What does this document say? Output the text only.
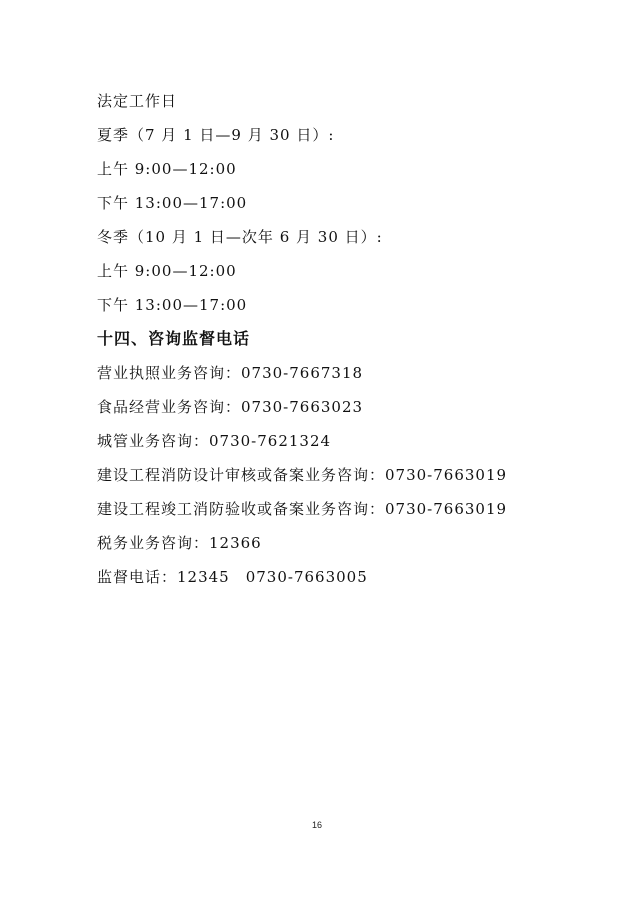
法定工作日
夏季（7 月 1 日—9 月 30 日）:
上午 9:00—12:00
下午 13:00—17:00
冬季（10 月 1 日—次年 6 月 30 日）:
上午 9:00—12:00
下午 13:00—17:00
十四、咨询监督电话
营业执照业务咨询：0730-7667318
食品经营业务咨询：0730-7663023
城管业务咨询：0730-7621324
建设工程消防设计审核或备案业务咨询：0730-7663019
建设工程竣工消防验收或备案业务咨询：0730-7663019
税务业务咨询：12366
监督电话：12345　0730-7663005
16
